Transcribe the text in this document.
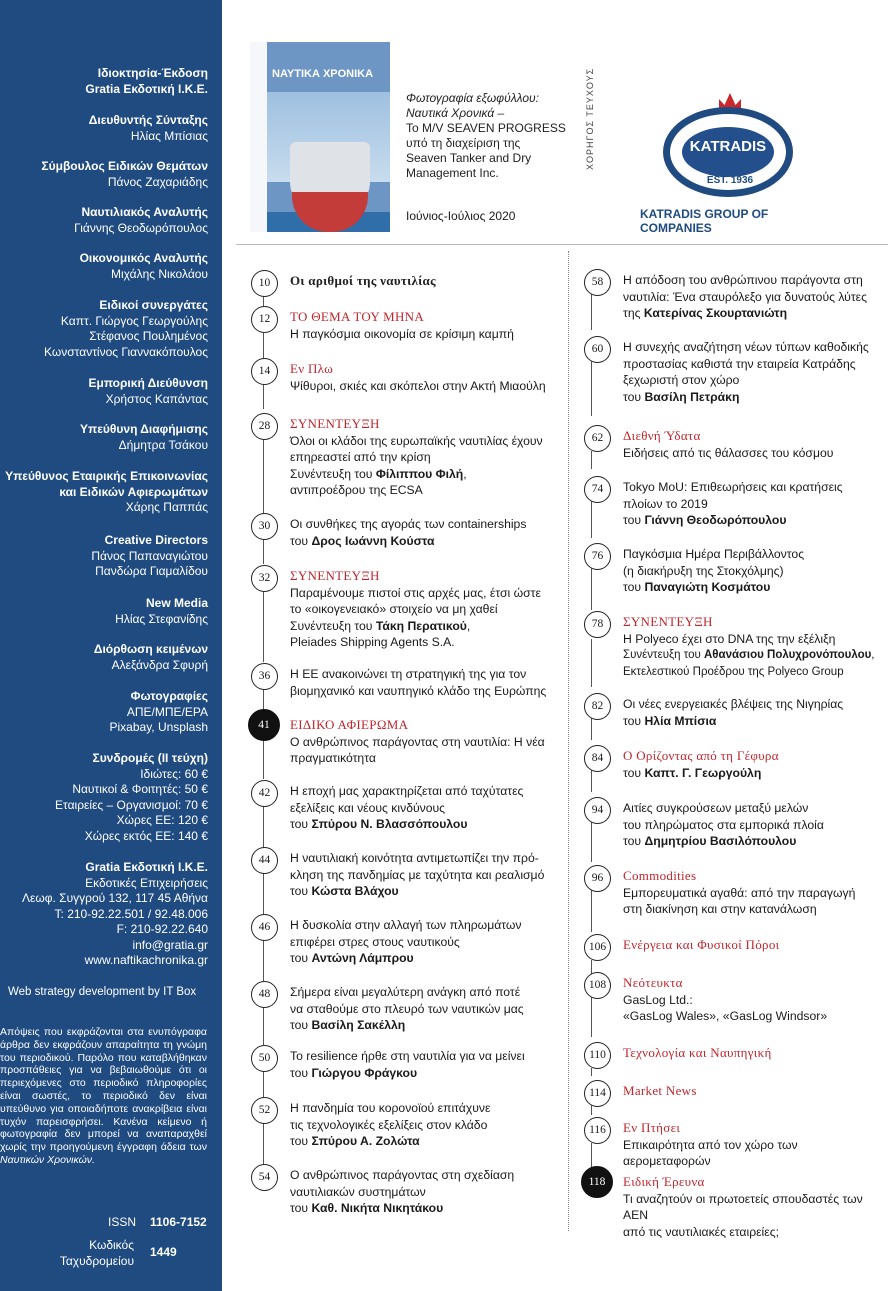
Ιδιοκτησία-Έκδοση
Gratia Εκδοτική Ι.Κ.Ε.
Διευθυντής Σύνταξης
Ηλίας Μπίσιας
Σύμβουλος Ειδικών Θεμάτων
Πάνος Ζαχαριάδης
Ναυτιλιακός Αναλυτής
Γιάννης Θεοδωρόπουλος
Οικονομικός Αναλυτής
Μιχάλης Νικολάου
Ειδικοί συνεργάτες
Καπτ. Γιώργος Γεωργούλης
Στέφανος Πουλημένος
Κωνσταντίνος Γιαννακόπουλος
Εμπορική Διεύθυνση
Χρήστος Καπάντας
Υπεύθυνη Διαφήμισης
Δήμητρα Τσάκου
Υπεύθυνος Εταιρικής Επικοινωνίας και Ειδικών Αφιερωμάτων
Χάρης Παππάς
Creative Directors
Πάνος Παπαναγιώτου
Πανδώρα Γιαμαλίδου
New Media
Ηλίας Στεφανίδης
Διόρθωση κειμένων
Αλεξάνδρα Σφυρή
Φωτογραφίες
ΑΠΕ/ΜΠΕ/EPA
Pixabay, Unsplash
Συνδρομές (ΙΙ τεύχη)
Ιδιώτες: 60 €
Ναυτικοί & Φοιτητές: 50 €
Εταιρείες – Οργανισμοί: 70 €
Χώρες ΕΕ: 120 €
Χώρες εκτός ΕΕ: 140 €
Gratia Εκδοτική Ι.Κ.Ε.
Εκδοτικές Επιχειρήσεις
Λεωφ. Συγγρού 132, 117 45 Αθήνα
T: 210-92.22.501 / 92.48.006
F: 210-92.22.640
info@gratia.gr
www.naftikachronika.gr
Web strategy development by IT Box
Απόψεις που εκφράζονται στα ενυπόγραφα άρθρα δεν εκφράζουν απαραίτητα τη γνώμη του περιοδικού. Παρόλο που καταβλήθηκαν προσπάθειες για να βεβαιωθούμε ότι οι περιεχόμενες στο περιοδικό πληροφορίες είναι σωστές, το περιοδικό δεν είναι υπεύθυνο για οποιαδήποτε ανακρίβεια είναι τυχόν παρεισφρήσει. Κανένα κείμενο ή φωτογραφία δεν μπορεί να αναπαραχθεί χωρίς την προηγούμενη έγγραφη άδεια των Ναυτικών Χρονικών.
ISSN 1106-7152
Κωδικός
Ταχυδρομείου
1449
ΝΑΥΤΙΚΑ ΧΡΟΝΙΚΑ
Φωτογραφία εξωφύλλου:
Ναυτικά Χρονικά –
Το M/V SEAVEN PROGRESS
υπό τη διαχείριση της
Seaven Tanker and Dry
Management Inc.
Ιούνιος-Ιούλιος 2020
ΧΟΡΗΓΟΣ ΤΕΥΧΟΥΣ	KATRADIS
EST. 1936
KATRADIS GROUP OF COMPANIES
10	Οι αριθμοί της ναυτιλίας
12	ΤΟ ΘΕΜΑ ΤΟΥ ΜΗΝΑ
Η παγκόσμια οικονομία σε κρίσιμη καμπή
14	Εν Πλω
Ψίθυροι, σκιές και σκόπελοι στην Ακτή Μιαούλη
28	ΣΥΝΕΝΤΕΥΞΗ
Όλοι οι κλάδοι της ευρωπαϊκής ναυτιλίας έχουν
επηρεαστεί από την κρίση
Συνέντευξη του Φίλιππου Φιλή,
αντιπροέδρου της ECSA
30	Οι συνθήκες της αγοράς των containerships
του Δρος Ιωάννη Κούστα
32	ΣΥΝΕΝΤΕΥΞΗ
Παραμένουμε πιστοί στις αρχές μας, έτσι ώστε
το «οικογενειακό» στοιχείο να μη χαθεί
Συνέντευξη του Τάκη Περατικού,
Pleiades Shipping Agents S.A.
36	Η ΕΕ ανακοινώνει τη στρατηγική της για τον
βιομηχανικό και ναυπηγικό κλάδο της Ευρώπης
41	ΕΙΔΙΚΟ ΑΦΙΕΡΩΜΑ
Ο ανθρώπινος παράγοντας στη ναυτιλία: Η νέα
πραγματικότητα
42	Η εποχή μας χαρακτηρίζεται από ταχύτατες
εξελίξεις και νέους κινδύνους
του Σπύρου Ν. Βλασσόπουλου
44	Η ναυτιλιακή κοινότητα αντιμετωπίζει την πρό-
κληση της πανδημίας με ταχύτητα και ρεαλισμό
του Κώστα Βλάχου
46	Η δυσκολία στην αλλαγή των πληρωμάτων
επιφέρει στρες στους ναυτικούς
του Αντώνη Λάμπρου
48	Σήμερα είναι μεγαλύτερη ανάγκη από ποτέ
να σταθούμε στο πλευρό των ναυτικών μας
του Βασίλη Σακέλλη
50	Το resilience ήρθε στη ναυτιλία για να μείνει
του Γιώργου Φράγκου
52	Η πανδημία του κορονοϊού επιτάχυνε
τις τεχνολογικές εξελίξεις στον κλάδο
του Σπύρου Α. Ζολώτα
54	Ο ανθρώπινος παράγοντας στη σχεδίαση
ναυτιλιακών συστημάτων
του Καθ. Νικήτα Νικητάκου
58	Η απόδοση του ανθρώπινου παράγοντα στη
ναυτιλία: Ένα σταυρόλεξο για δυνατούς λύτες
της Κατερίνας Σκουρτανιώτη
60	Η συνεχής αναζήτηση νέων τύπων καθοδικής
προστασίας καθιστά την εταιρεία Κατράδης
ξεχωριστή στον χώρο
του Βασίλη Πετράκη
62	Διεθνή Ύδατα
Ειδήσεις από τις θάλασσες του κόσμου
74	Tokyo MoU: Επιθεωρήσεις και κρατήσεις
πλοίων το 2019
του Γιάννη Θεοδωρόπουλου
76	Παγκόσμια Ημέρα Περιβάλλοντος
(η διακήρυξη της Στοκχόλμης)
του Παναγιώτη Κοσμάτου
78	ΣΥΝΕΝΤΕΥΞΗ
Η Polyeco έχει στο DNA της την εξέλιξη
Συνέντευξη του Αθανάσιου Πολυχρονόπουλου,
Εκτελεστικού Προέδρου της Polyeco Group
82	Οι νέες ενεργειακές βλέψεις της Νιγηρίας
του Ηλία Μπίσια
84	Ο Ορίζοντας από τη Γέφυρα
του Καπτ. Γ. Γεωργούλη
94	Αιτίες συγκρούσεων μεταξύ μελών
του πληρώματος στα εμπορικά πλοία
του Δημητρίου Βασιλόπουλου
96	Commodities
Εμπορευματικά αγαθά: από την παραγωγή
στη διακίνηση και στην κατανάλωση
106	Ενέργεια και Φυσικοί Πόροι
108	Νεότευκτα
GasLog Ltd.:
«GasLog Wales», «GasLog Windsor»
110	Τεχνολογία και Ναυπηγική
114	Market News
116	Εν Πτήσει
Επικαιρότητα από τον χώρο των αερομεταφορών
118	Ειδική Έρευνα
Τι αναζητούν οι πρωτοετείς σπουδαστές των ΑΕΝ
από τις ναυτιλιακές εταιρείες;
